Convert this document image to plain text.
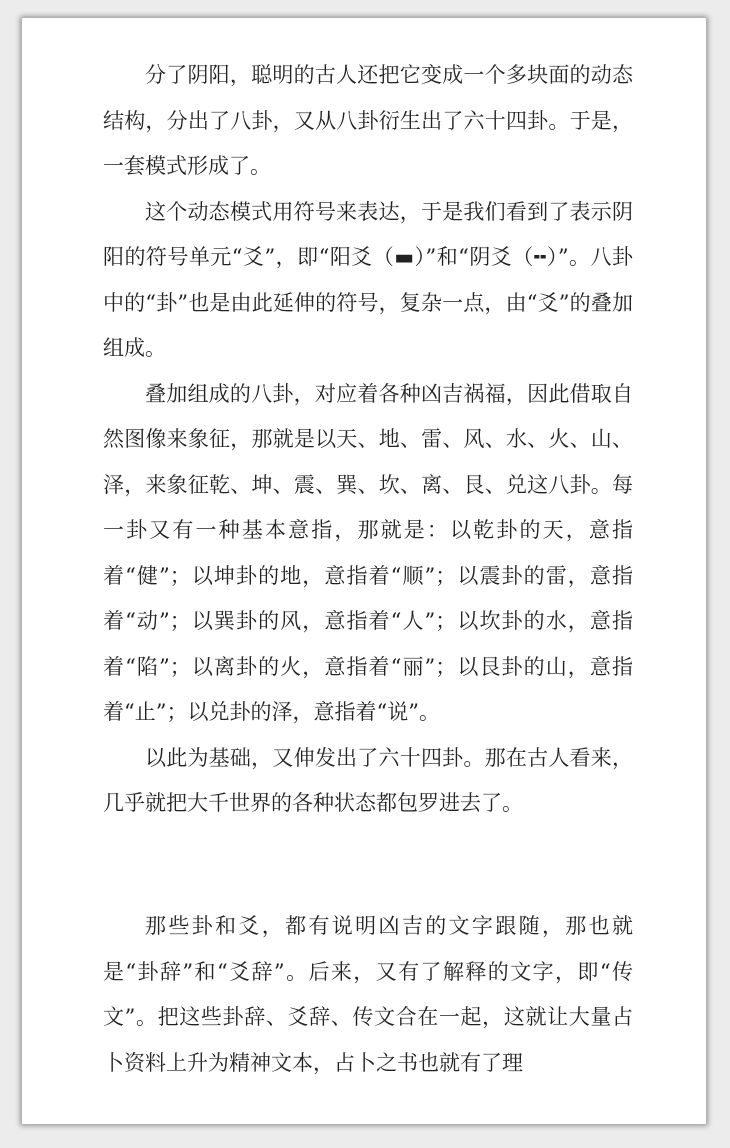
分了阴阳，聪明的古人还把它变成一个多块面的动态结构，分出了八卦，又从八卦衍生出了六十四卦。于是，一套模式形成了。

这个动态模式用符号来表达，于是我们看到了表示阴阳的符号单元“爻”，即“阳爻（▬）”和“阴爻（╍）”。八卦中的“卦”也是由此延伸的符号，复杂一点，由“爻”的叠加组成。

叠加组成的八卦，对应着各种凶吉祸福，因此借取自然图像来象征，那就是以天、地、雷、风、水、火、山、泽，来象征乾、坤、震、巽、坎、离、艮、兑这八卦。每一卦又有一种基本意指，那就是：以乾卦的天，意指着“健”；以坤卦的地，意指着“顺”；以震卦的雷，意指着“动”；以巽卦的风，意指着“人”；以坎卦的水，意指着“陷”；以离卦的火，意指着“丽”；以艮卦的山，意指着“止”；以兑卦的泽，意指着“说”。

以此为基础，又伸发出了六十四卦。那在古人看来，几乎就把大千世界的各种状态都包罗进去了。

那些卦和爻，都有说明凶吉的文字跟随，那也就是“卦辞”和“爻辞”。后来，又有了解释的文字，即“传文”。把这些卦辞、爻辞、传文合在一起，这就让大量占卜资料上升为精神文本，占卜之书也就有了理
